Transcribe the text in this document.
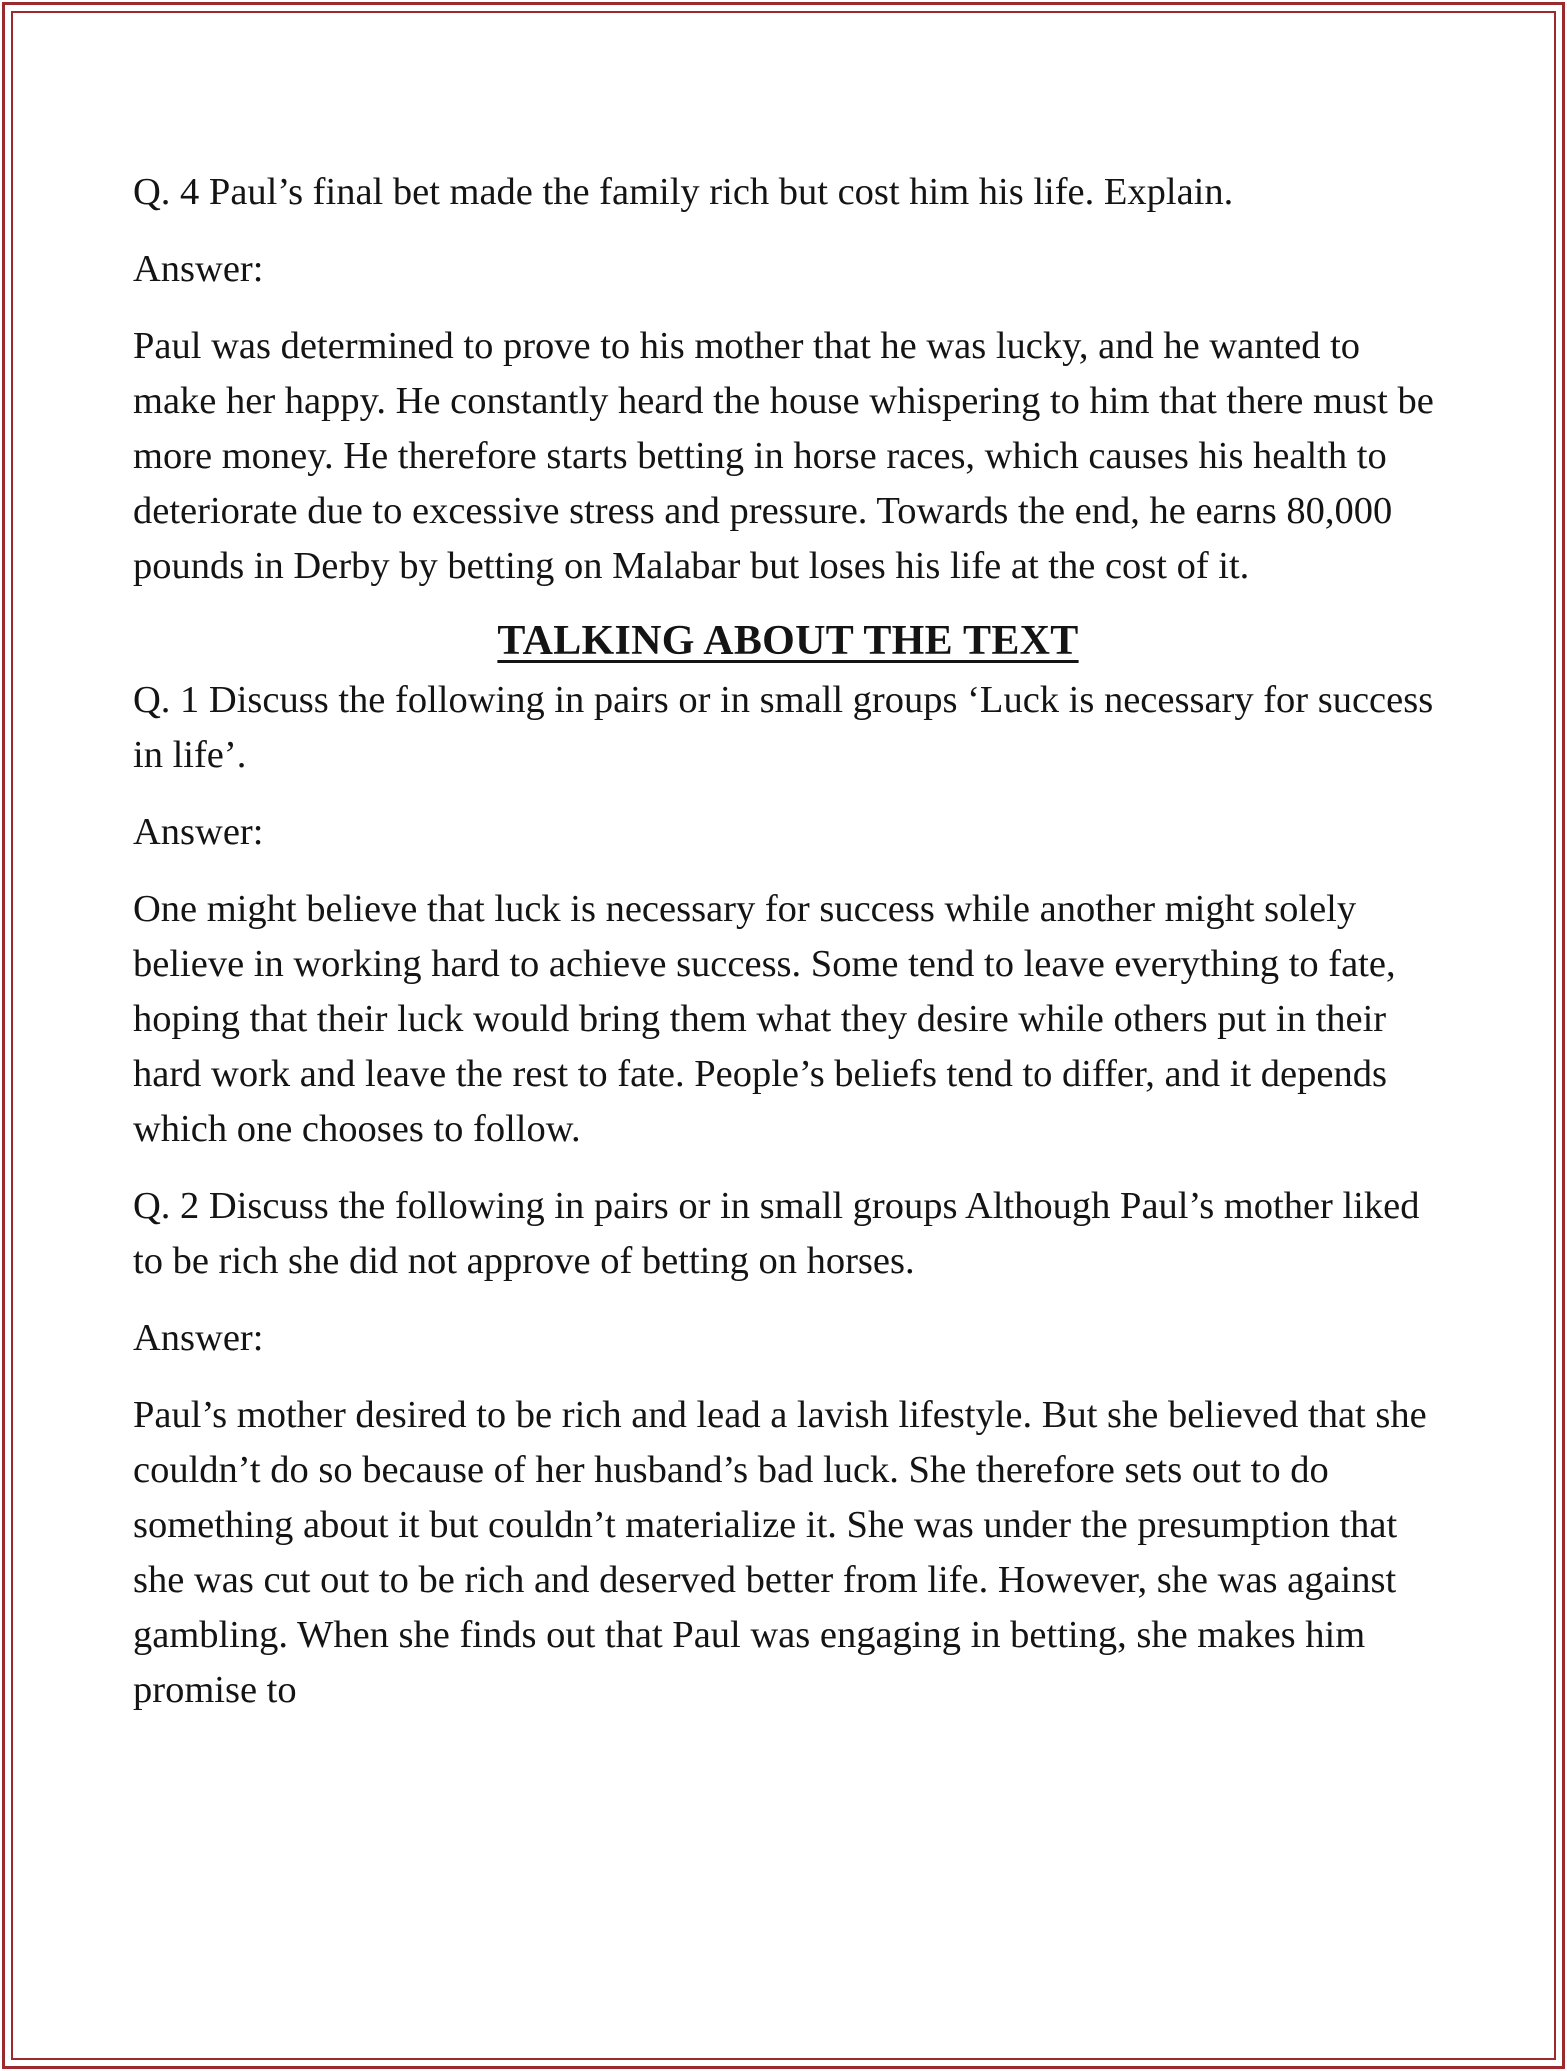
Q. 4 Paul’s final bet made the family rich but cost him his life. Explain.

Answer:

Paul was determined to prove to his mother that he was lucky, and he wanted to make her happy. He constantly heard the house whispering to him that there must be more money. He therefore starts betting in horse races, which causes his health to deteriorate due to excessive stress and pressure. Towards the end, he earns 80,000 pounds in Derby by betting on Malabar but loses his life at the cost of it.

TALKING ABOUT THE TEXT

Q. 1 Discuss the following in pairs or in small groups ‘Luck is necessary for success in life’.

Answer:

One might believe that luck is necessary for success while another might solely believe in working hard to achieve success. Some tend to leave everything to fate, hoping that their luck would bring them what they desire while others put in their hard work and leave the rest to fate. People’s beliefs tend to differ, and it depends which one chooses to follow.

Q. 2 Discuss the following in pairs or in small groups Although Paul’s mother liked to be rich she did not approve of betting on horses.

Answer:

Paul’s mother desired to be rich and lead a lavish lifestyle. But she believed that she couldn’t do so because of her husband’s bad luck. She therefore sets out to do something about it but couldn’t materialize it. She was under the presumption that she was cut out to be rich and deserved better from life. However, she was against gambling. When she finds out that Paul was engaging in betting, she makes him promise to
